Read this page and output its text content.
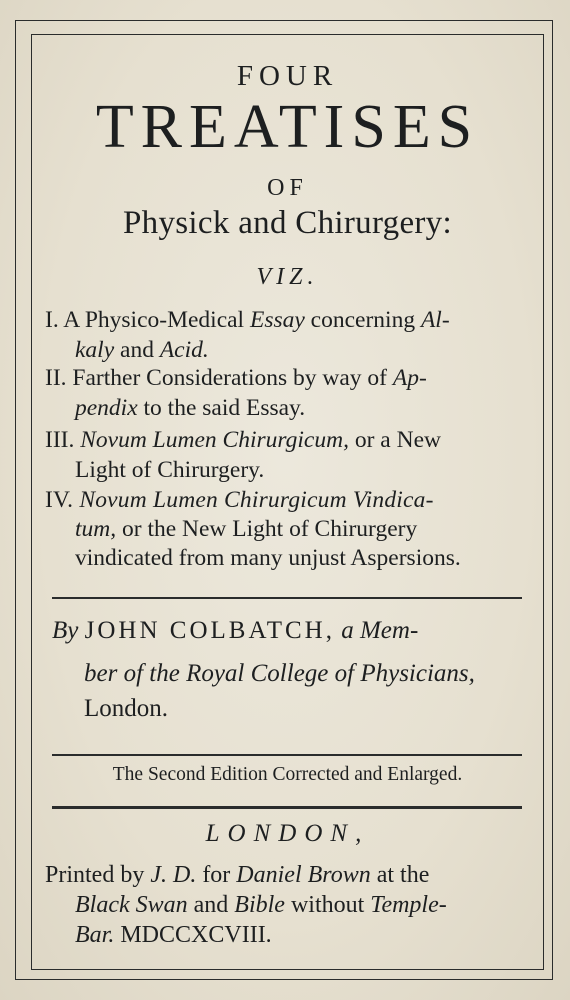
FOUR
TREATISES
OF
Physick and Chirurgery:
VIZ.
I. A Physico-Medical Essay concerning Al-
kaly and Acid.
II. Farther Considerations by way of Ap-
pendix to the said Essay.
III. Novum Lumen Chirurgicum, or a New
Light of Chirurgery.
IV. Novum Lumen Chirurgicum Vindica-
tum, or the New Light of Chirurgery
vindicated from many unjust Aspersions.
By JOHN COLBATCH, a Mem-
ber of the Royal College of Physicians,
London.
The Second Edition Corrected and Enlarged.
LONDON,
Printed by J. D. for Daniel Brown at the
Black Swan and Bible without Temple-
Bar. MDCCXCVIII.
